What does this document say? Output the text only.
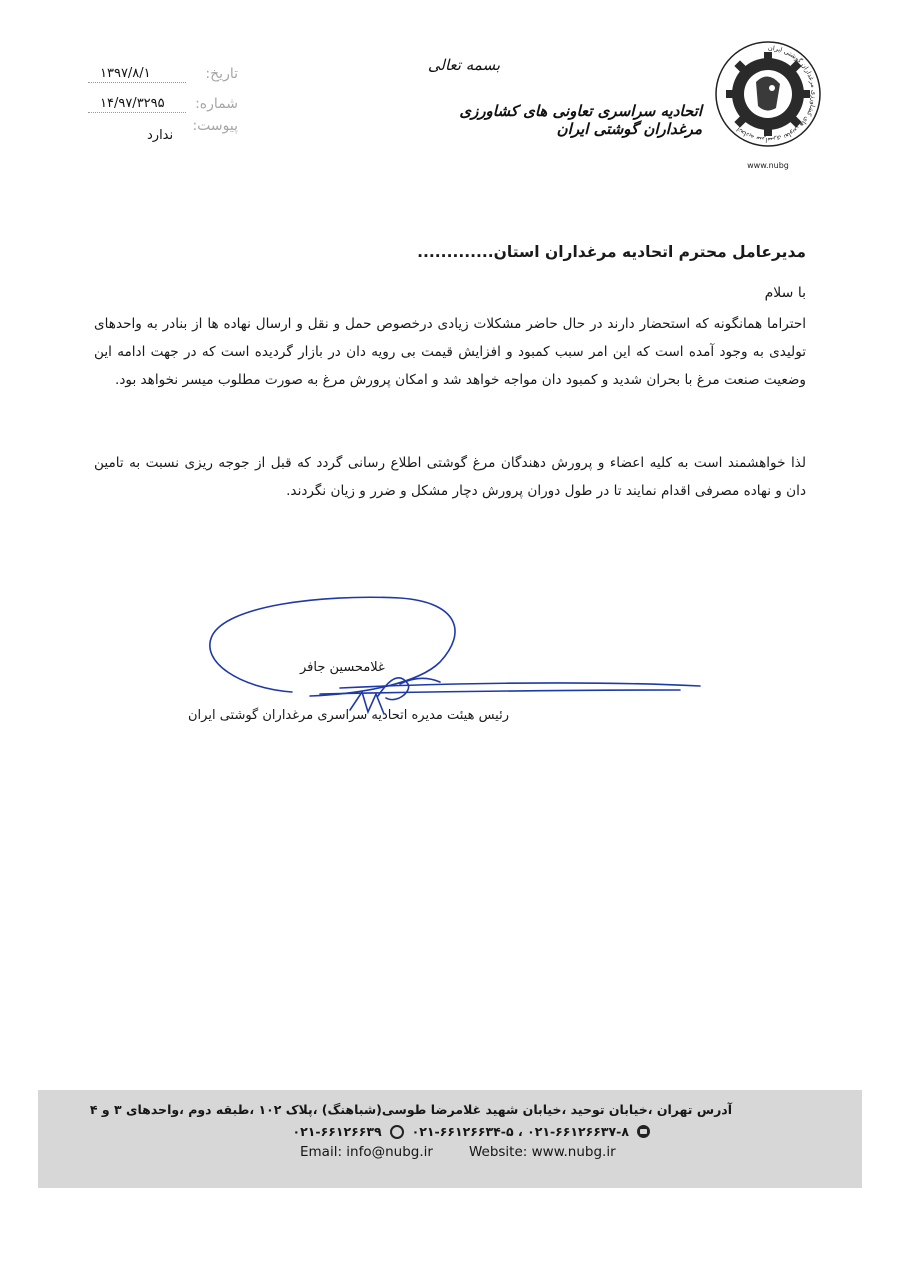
اتحادیه سراسری تعاونی های کشاورزی مرغداران گوشتی ایران
www.nubg
بسمه تعالی
اتحادیه سراسری تعاونی های کشاورزی مرغداران گوشتی ایران
تاریخ:
۱۳۹۷/۸/۱
شماره:
۱۴/۹۷/۳۲۹۵
پیوست:
ندارد
مدیرعامل محترم اتحادیه مرغداران استان.............
با سلام
احتراما همانگونه که استحضار دارند در حال حاضر مشکلات زیادی درخصوص حمل و نقل و ارسال نهاده ها از بنادر به واحدهای تولیدی به وجود آمده است که این امر سبب کمبود و افزایش قیمت بی رویه دان در بازار گردیده است که در جهت ادامه این وضعیت صنعت مرغ با بحران شدید و کمبود دان مواجه خواهد شد و امکان پرورش مرغ به صورت مطلوب میسر نخواهد بود.
لذا خواهشمند است به کلیه اعضاء و پرورش دهندگان مرغ گوشتی اطلاع رسانی گردد که قبل از جوجه ریزی نسبت به تامین دان و نهاده مصرفی اقدام نمایند تا در طول دوران پرورش دچار مشکل و ضرر و زیان نگردند.
غلامحسین جافر
رئیس هیئت مدیره اتحادیه سراسری مرغداران گوشتی ایران
آدرس تهران ،خیابان توحید ،خیابان شهید غلامرضا طوسی(شباهنگ) ،پلاک ۱۰۲ ،طبقه دوم ،واحدهای ۳ و ۴
۰۲۱-۶۶۱۲۶۶۳۷-۸ ، ۰۲۱-۶۶۱۲۶۶۳۴-۵
۰۲۱-۶۶۱۲۶۶۳۹
Email: info@nubg.ir	Website: www.nubg.ir
